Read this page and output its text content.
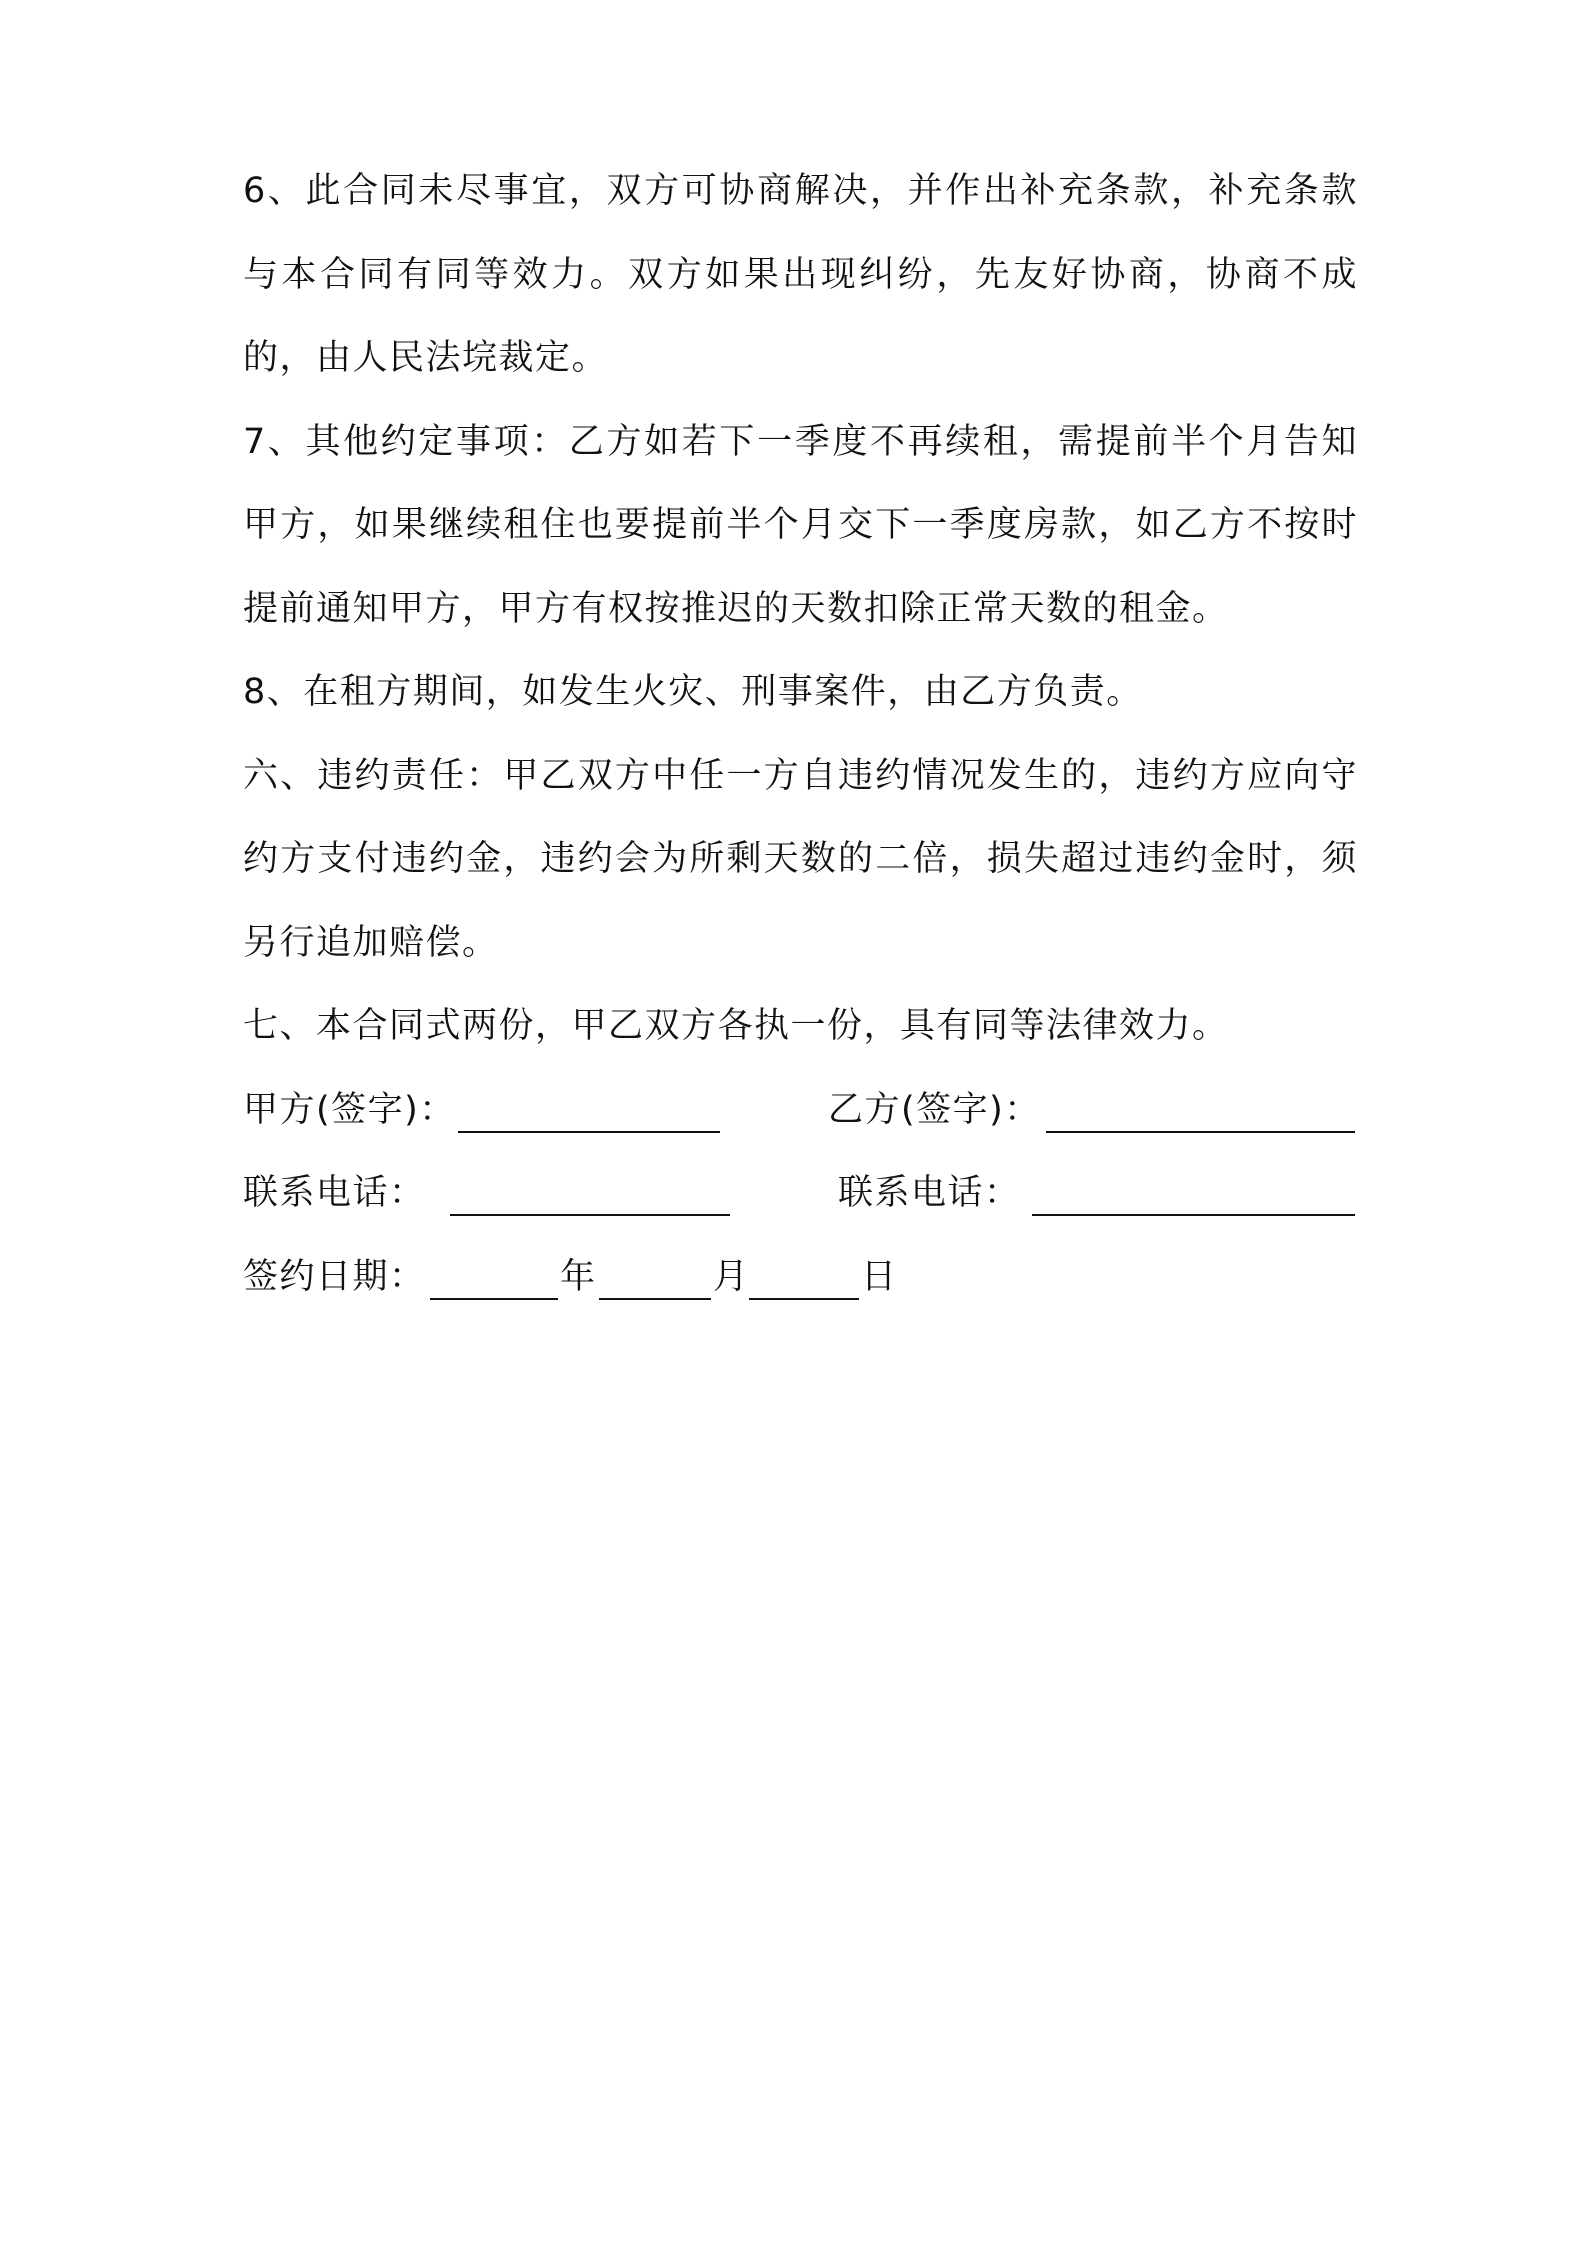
6、此合同未尽事宜，双方可协商解决，并作出补充条款，补充条款与本合同有同等效力。双方如果出现纠纷，先友好协商，协商不成的，由人民法垸裁定。

7、其他约定事项：乙方如若下一季度不再续租，需提前半个月告知甲方，如果继续租住也要提前半个月交下一季度房款，如乙方不按时提前通知甲方，甲方有权按推迟的天数扣除正常天数的租金。

8、在租方期间，如发生火灾、刑事案件，由乙方负责。

六、违约责任：甲乙双方中任一方自违约情况发生的，违约方应向守约方支付违约金，违约会为所剩天数的二倍，损失超过违约金时，须另行追加赔偿。

七、本合同式两份，甲乙双方各执一份，具有同等法律效力。

甲方(签字)：	乙方(签字)：
联系电话：	联系电话：
签约日期：	年	月	日
